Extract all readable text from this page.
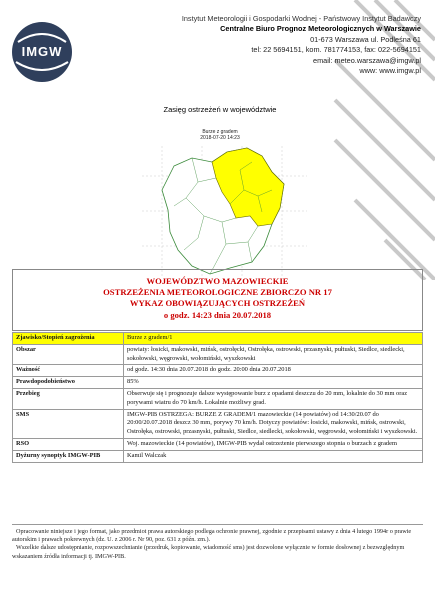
IMGW
Instytut Meteorologii i Gospodarki Wodnej - Państwowy Instytut Badawczy
Centralne Biuro Prognoz Meteorologicznych w Warszawie
01-673 Warszawa ul. Podleśna 61
tel: 22 5694151, kom. 781774153, fax: 022-5694151
email: meteo.warszawa@imgw.pl
www: www.imgw.pl
Zasięg ostrzeżeń w województwie
Burze z gradem
2018-07-20 14:23
WOJEWÓDZTWO MAZOWIECKIE
OSTRZEŻENIA METEOROLOGICZNE ZBIORCZO NR 17
WYKAZ OBOWIĄZUJĄCYCH OSTRZEŻEŃ
o godz. 14:23 dnia 20.07.2018
Zjawisko/Stopień zagrożenia	Burze z gradem/1
Obszar	powiaty: łosicki, makowski, mińsk, ostrołęcki, Ostrołęka, ostrowski, przasnyski, pułtuski, Siedlce, siedlecki, sokołowski, węgrowski, wołomiński, wyszkowski
Ważność	od godz. 14:30 dnia 20.07.2018 do godz. 20:00 dnia 20.07.2018
Prawdopodobieństwo	85%
Przebieg	Obserwuje się i prognozuje dalsze występowanie burz z opadami deszczu do 20 mm, lokalnie do 30 mm oraz porywami wiatru do 70 km/h. Lokalnie możliwy grad.
SMS	IMGW-PIB OSTRZEGA: BURZE Z GRADEM/1 mazowieckie (14 powiatów) od 14:30/20.07 do 20:00/20.07.2018 deszcz 30 mm, porywy 70 km/h. Dotyczy powiatów: łosicki, makowski, mińsk, ostrowski, Ostrołęka, ostrowski, przasnyski, pułtuski, Siedlce, siedlecki, sokołowski, węgrowski, wołomiński i wyszkowski.
RSO	Woj. mazowieckie (14 powiatów), IMGW-PIB wydał ostrzeżenie pierwszego stopnia o burzach z gradem
Dyżurny synoptyk IMGW-PIB	Kamil Walczak
Opracowanie niniejsze i jego format, jako przedmiot prawa autorskiego podlega ochronie prawnej, zgodnie z przepisami ustawy z dnia 4 lutego 1994r o prawie autorskim i prawach pokrewnych (dz. U. z 2006 r. Nr 90, poz. 631 z późn. zm.).
Wszelkie dalsze udostępnianie, rozpowszechnianie (przedruk, kopiowanie, wiadomość sms) jest dozwolone wyłącznie w formie dosłownej z bezwzględnym wskazaniem źródła informacji tj. IMGW-PIB.
